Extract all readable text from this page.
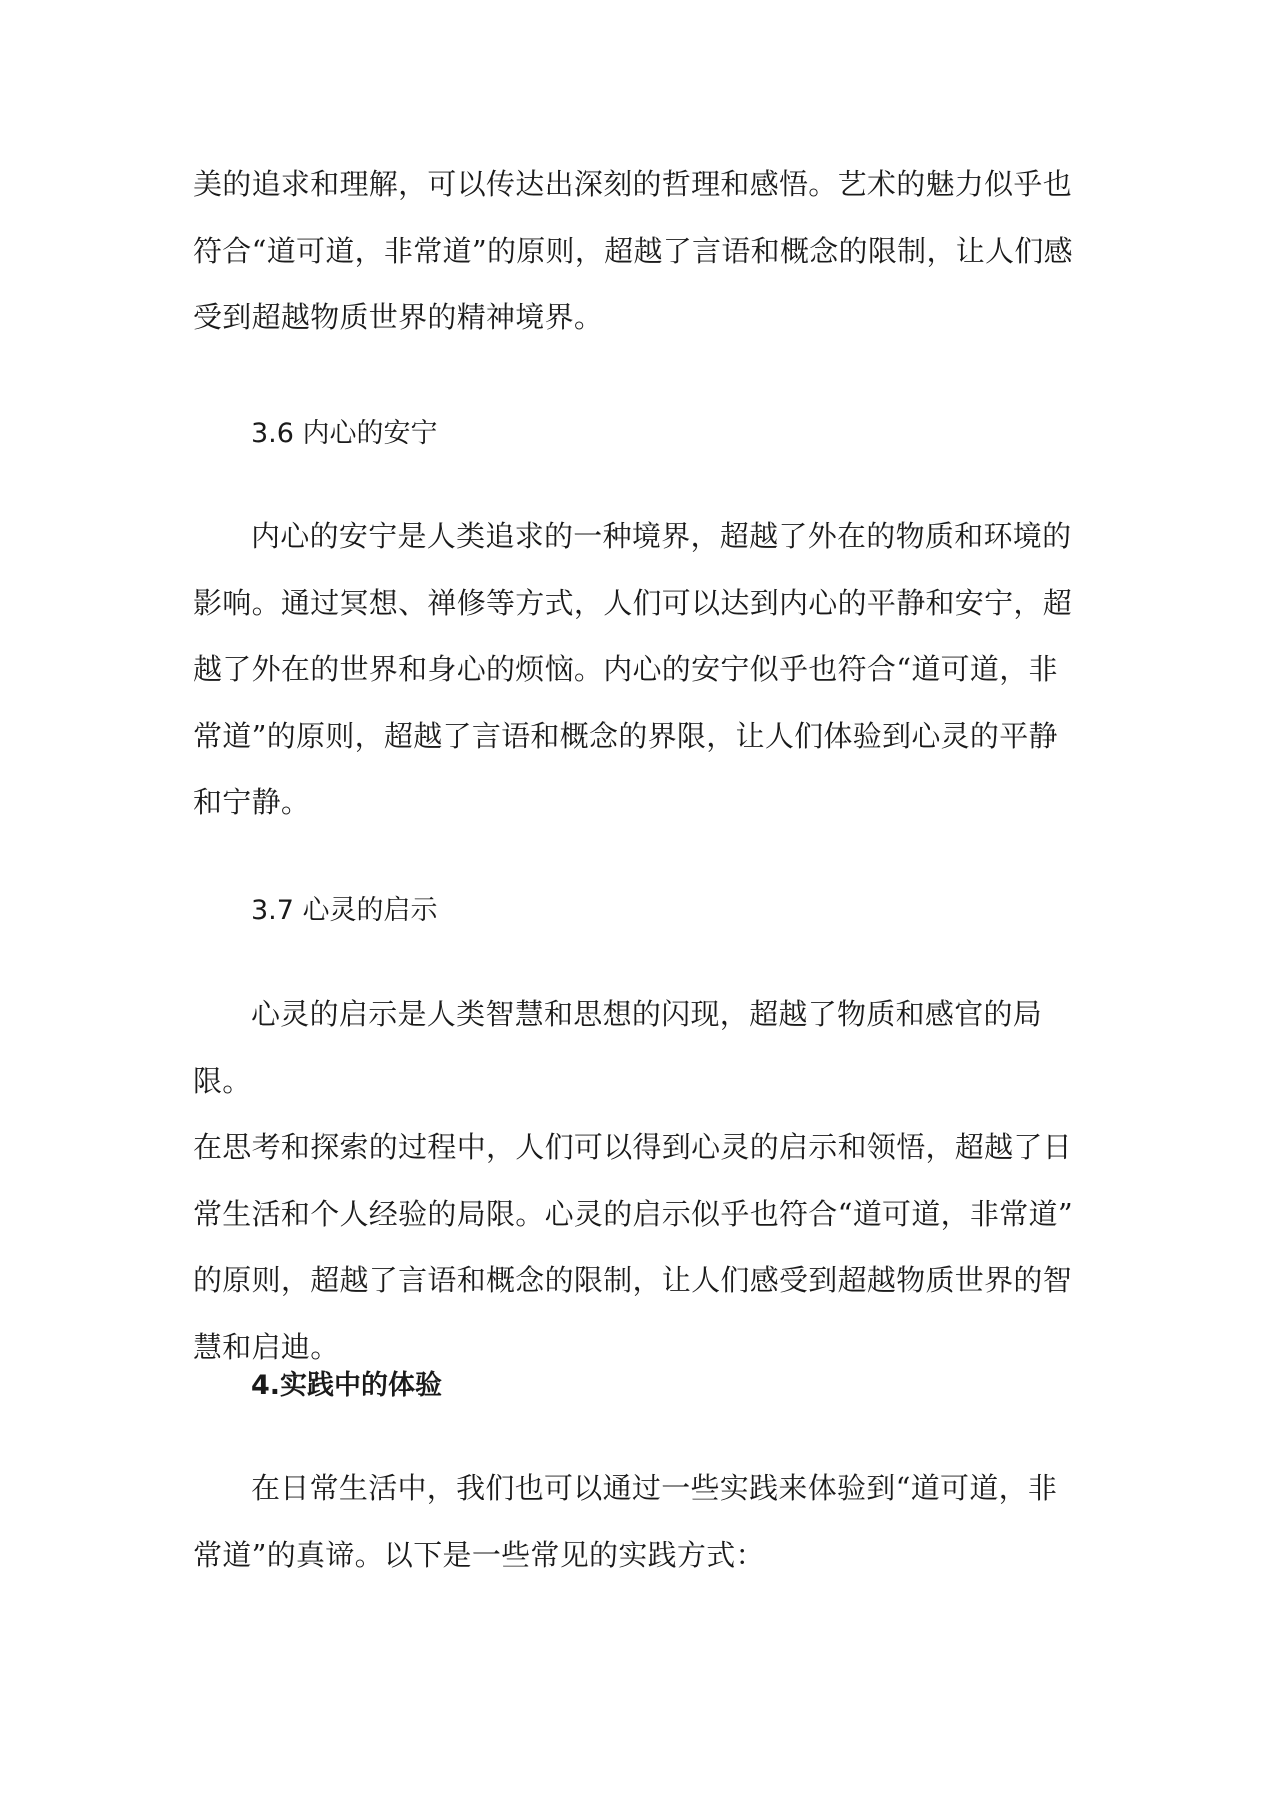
美的追求和理解，可以传达出深刻的哲理和感悟。艺术的魅力似乎也
符合“道可道，非常道”的原则，超越了言语和概念的限制，让人们感
受到超越物质世界的精神境界。

3.6 内心的安宁

内心的安宁是人类追求的一种境界，超越了外在的物质和环境的
影响。通过冥想、禅修等方式，人们可以达到内心的平静和安宁，超
越了外在的世界和身心的烦恼。内心的安宁似乎也符合“道可道，非
常道”的原则，超越了言语和概念的界限，让人们体验到心灵的平静
和宁静。

3.7 心灵的启示

心灵的启示是人类智慧和思想的闪现，超越了物质和感官的局限。
在思考和探索的过程中，人们可以得到心灵的启示和领悟，超越了日
常生活和个人经验的局限。心灵的启示似乎也符合“道可道，非常道”
的原则，超越了言语和概念的限制，让人们感受到超越物质世界的智
慧和启迪。

4.实践中的体验

在日常生活中，我们也可以通过一些实践来体验到“道可道，非
常道”的真谛。以下是一些常见的实践方式：
